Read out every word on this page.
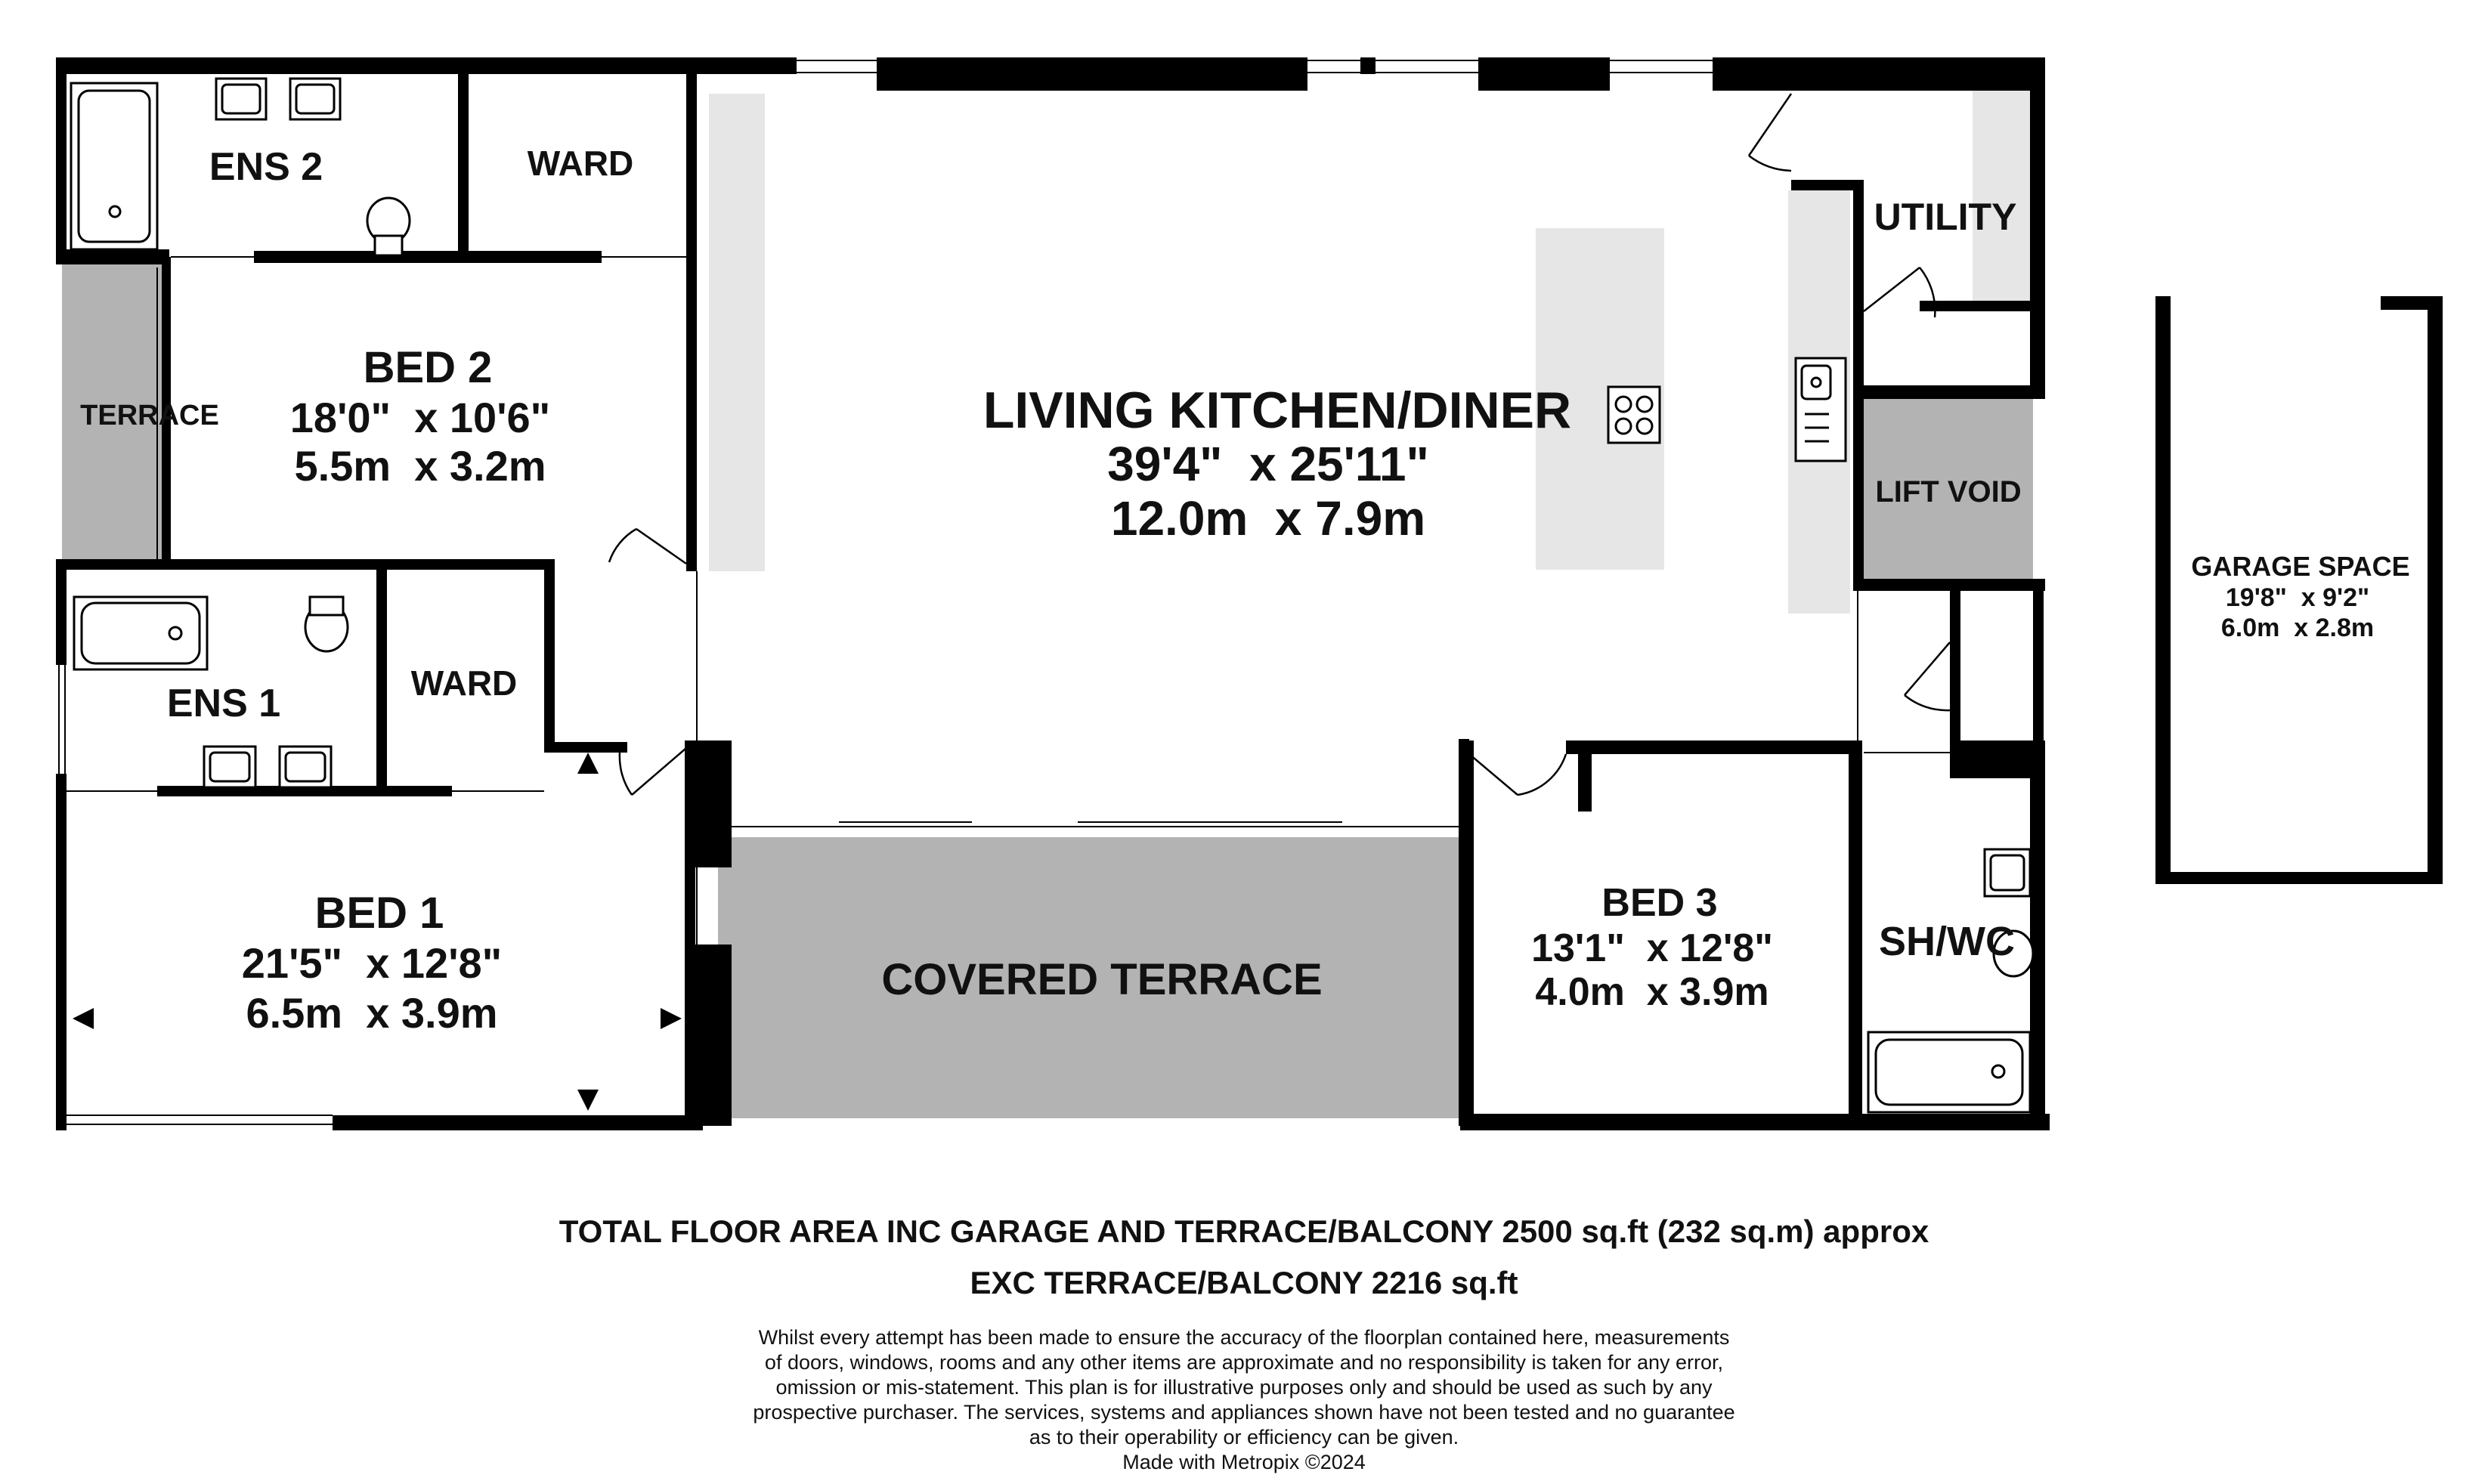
ENS 2	WARD
TERRACE
BED 2
18'0"  x 10'6"
5.5m  x 3.2m
LIVING KITCHEN/DINER
39'4"  x 25'11"
12.0m  x 7.9m
UTILITY
LIFT VOID
ENS 1	WARD
BED 1
21'5"  x 12'8"
6.5m  x 3.9m
COVERED TERRACE
BED 3
13'1"  x 12'8"
4.0m  x 3.9m
SH/WC
GARAGE SPACE
19'8"  x 9'2"
6.0m  x 2.8m
TOTAL FLOOR AREA INC GARAGE AND TERRACE/BALCONY 2500 sq.ft (232 sq.m) approx
EXC TERRACE/BALCONY 2216 sq.ft
Whilst every attempt has been made to ensure the accuracy of the floorplan contained here, measurements
of doors, windows, rooms and any other items are approximate and no responsibility is taken for any error,
omission or mis-statement. This plan is for illustrative purposes only and should be used as such by any
prospective purchaser. The services, systems and appliances shown have not been tested and no guarantee
as to their operability or efficiency can be given.
Made with Metropix ©2024
